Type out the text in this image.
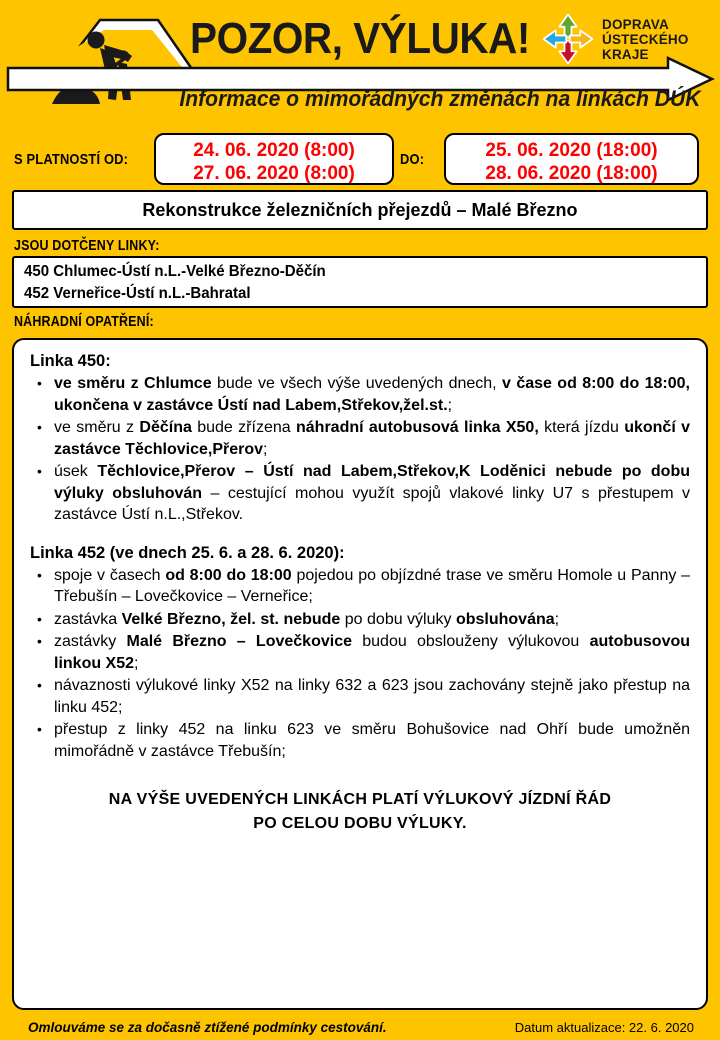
POZOR, VÝLUKA!	DOPRAVA
ÚSTECKÉHO
KRAJE
Informace o mimořádných změnách na linkách DÚK
S PLATNOSTÍ OD:	24. 06. 2020 (8:00)
27. 06. 2020 (8:00)
DO:	25. 06. 2020 (18:00)
28. 06. 2020 (18:00)
Rekonstrukce železničních přejezdů – Malé Březno
JSOU DOTČENY LINKY:
450 Chlumec-Ústí n.L.-Velké Březno-Děčín
452 Verneřice-Ústí n.L.-Bahratal
NÁHRADNÍ OPATŘENÍ:
Linka 450:
• ve směru z Chlumce bude ve všech výše uvedených dnech, v čase od 8:00 do 18:00, ukončena v zastávce Ústí nad Labem,Střekov,žel.st.;
• ve směru z Děčína bude zřízena náhradní autobusová linka X50, která jízdu ukončí v zastávce Těchlovice,Přerov;
• úsek Těchlovice,Přerov – Ústí nad Labem,Střekov,K Loděnici nebude po dobu výluky obsluhován – cestující mohou využít spojů vlakové linky U7 s přestupem v zastávce Ústí n.L.,Střekov.
Linka 452 (ve dnech 25. 6. a 28. 6. 2020):
• spoje v časech od 8:00 do 18:00 pojedou po objízdné trase ve směru Homole u Panny – Třebušín – Lovečkovice – Verneřice;
• zastávka Velké Březno, žel. st. nebude po dobu výluky obsluhována;
• zastávky Malé Březno – Lovečkovice budou obslouženy výlukovou autobusovou linkou X52;
• návaznosti výlukové linky X52 na linky 632 a 623 jsou zachovány stejně jako přestup na linku 452;
• přestup z linky 452 na linku 623 ve směru Bohušovice nad Ohří bude umožněn mimořádně v zastávce Třebušín;
NA VÝŠE UVEDENÝCH LINKÁCH PLATÍ VÝLUKOVÝ JÍZDNÍ ŘÁD
PO CELOU DOBU VÝLUKY.
Omlouváme se za dočasně ztížené podmínky cestování.	Datum aktualizace: 22. 6. 2020
